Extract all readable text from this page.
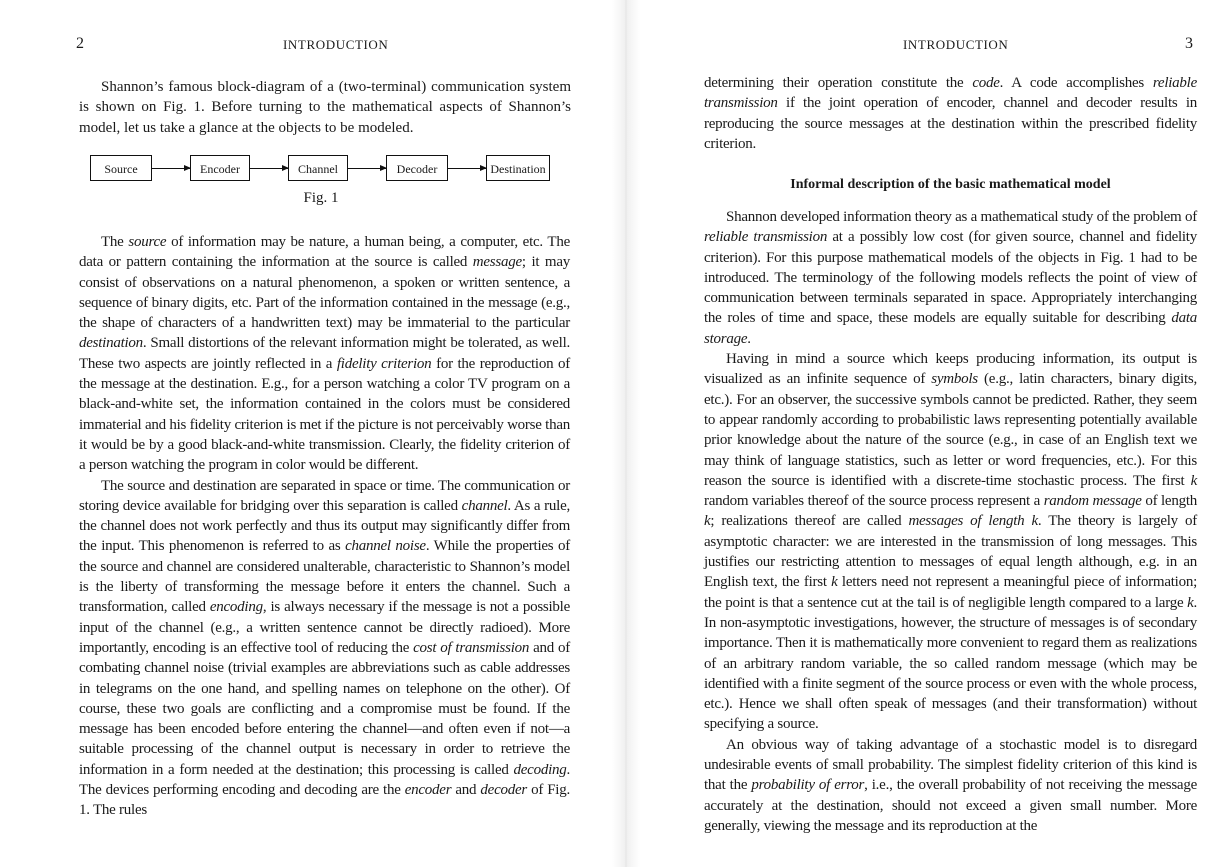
2	INTRODUCTION

Shannon’s famous block-diagram of a (two-terminal) communication system is shown on Fig. 1. Before turning to the mathematical aspects of Shannon’s model, let us take a glance at the objects to be modeled.

Source	Encoder	Channel	Decoder	Destination
Fig. 1

The source of information may be nature, a human being, a computer, etc. The data or pattern containing the information at the source is called message; it may consist of observations on a natural phenomenon, a spoken or written sentence, a sequence of binary digits, etc. Part of the information contained in the message (e.g., the shape of characters of a handwritten text) may be immaterial to the particular destination. Small distortions of the relevant information might be tolerated, as well. These two aspects are jointly reflected in a fidelity criterion for the reproduction of the message at the destination. E.g., for a person watching a color TV program on a black-and-white set, the information contained in the colors must be considered immaterial and his fidelity criterion is met if the picture is not perceivably worse than it would be by a good black-and-white transmission. Clearly, the fidelity criterion of a person watching the program in color would be different.

The source and destination are separated in space or time. The communication or storing device available for bridging over this separation is called channel. As a rule, the channel does not work perfectly and thus its output may significantly differ from the input. This phenomenon is referred to as channel noise. While the properties of the source and channel are considered unalterable, characteristic to Shannon’s model is the liberty of transforming the message before it enters the channel. Such a transformation, called encoding, is always necessary if the message is not a possible input of the channel (e.g., a written sentence cannot be directly radioed). More importantly, encoding is an effective tool of reducing the cost of transmission and of combating channel noise (trivial examples are abbreviations such as cable addresses in telegrams on the one hand, and spelling names on telephone on the other). Of course, these two goals are conflicting and a compromise must be found. If the message has been encoded before entering the channel—and often even if not—a suitable processing of the channel output is necessary in order to retrieve the information in a form needed at the destination; this processing is called decoding. The devices performing encoding and decoding are the encoder and decoder of Fig. 1. The rules

INTRODUCTION	3

determining their operation constitute the code. A code accomplishes reliable transmission if the joint operation of encoder, channel and decoder results in reproducing the source messages at the destination within the prescribed fidelity criterion.

Informal description of the basic mathematical model

Shannon developed information theory as a mathematical study of the problem of reliable transmission at a possibly low cost (for given source, channel and fidelity criterion). For this purpose mathematical models of the objects in Fig. 1 had to be introduced. The terminology of the following models reflects the point of view of communication between terminals separated in space. Appropriately interchanging the roles of time and space, these models are equally suitable for describing data storage.

Having in mind a source which keeps producing information, its output is visualized as an infinite sequence of symbols (e.g., latin characters, binary digits, etc.). For an observer, the successive symbols cannot be predicted. Rather, they seem to appear randomly according to probabilistic laws representing potentially available prior knowledge about the nature of the source (e.g., in case of an English text we may think of language statistics, such as letter or word frequencies, etc.). For this reason the source is identified with a discrete-time stochastic process. The first k random variables thereof of the source process represent a random message of length k; realizations thereof are called messages of length k. The theory is largely of asymptotic character: we are interested in the transmission of long messages. This justifies our restricting attention to messages of equal length although, e.g. in an English text, the first k letters need not represent a meaningful piece of information; the point is that a sentence cut at the tail is of negligible length compared to a large k. In non-asymptotic investigations, however, the structure of messages is of secondary importance. Then it is mathematically more convenient to regard them as realizations of an arbitrary random variable, the so called random message (which may be identified with a finite segment of the source process or even with the whole process, etc.). Hence we shall often speak of messages (and their transformation) without specifying a source.

An obvious way of taking advantage of a stochastic model is to disregard undesirable events of small probability. The simplest fidelity criterion of this kind is that the probability of error, i.e., the overall probability of not receiving the message accurately at the destination, should not exceed a given small number. More generally, viewing the message and its reproduction at the
